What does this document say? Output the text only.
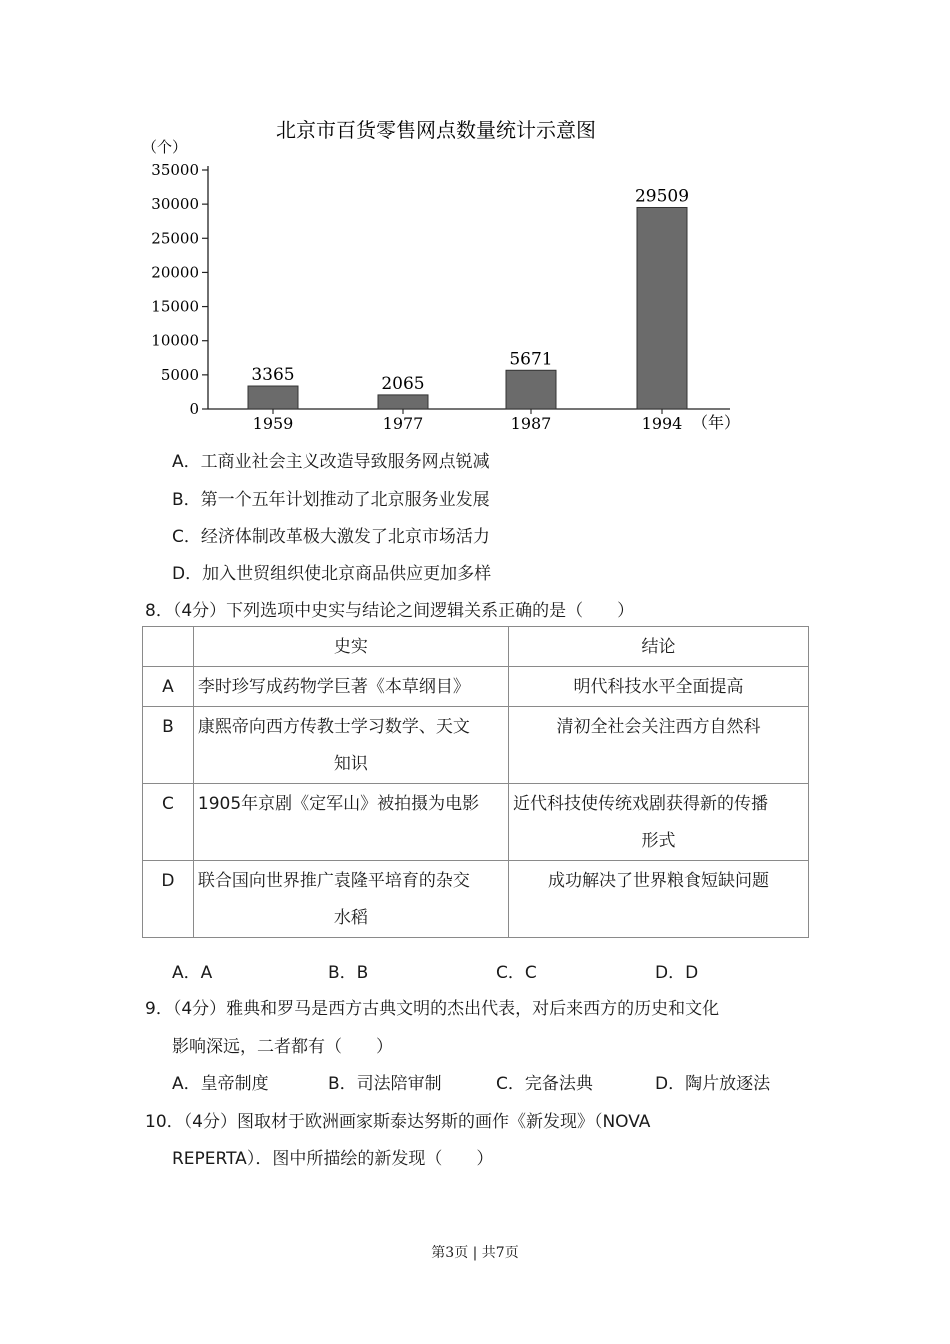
北京市百货零售网点数量统计示意图
（个）
0
5000
10000
15000
20000
25000
30000
35000
3365	2065
5671
29509
1959	1977	1987	1994 （年）
A．工商业社会主义改造导致服务网点锐减
B．第一个五年计划推动了北京服务业发展
C．经济体制改革极大激发了北京市场活力
D．加入世贸组织使北京商品供应更加多样
8．（4分）下列选项中史实与结论之间逻辑关系正确的是（　　）
	史实	结论
A	李时珍写成药物学巨著《本草纲目》	明代科技水平全面提高

B	康熙帝向西方传教士学习数学、天文
知识	清初全社会关注西方自然科

C	1905年京剧《定军山》被拍摄为电影	近代科技使传统戏剧获得新的传播
形式

D	联合国向世界推广袁隆平培育的杂交
水稻	成功解决了世界粮食短缺问题
A．A	B．B	C．C	D．D
9．（4分）雅典和罗马是西方古典文明的杰出代表，对后来西方的历史和文化
影响深远，二者都有（　　）
A．皇帝制度	B．司法陪审制	C．完备法典	D．陶片放逐法
10．（4分）图取材于欧洲画家斯泰达努斯的画作《新发现》（NOVA
REPERTA）．图中所描绘的新发现（　　）
第3页 | 共7页
